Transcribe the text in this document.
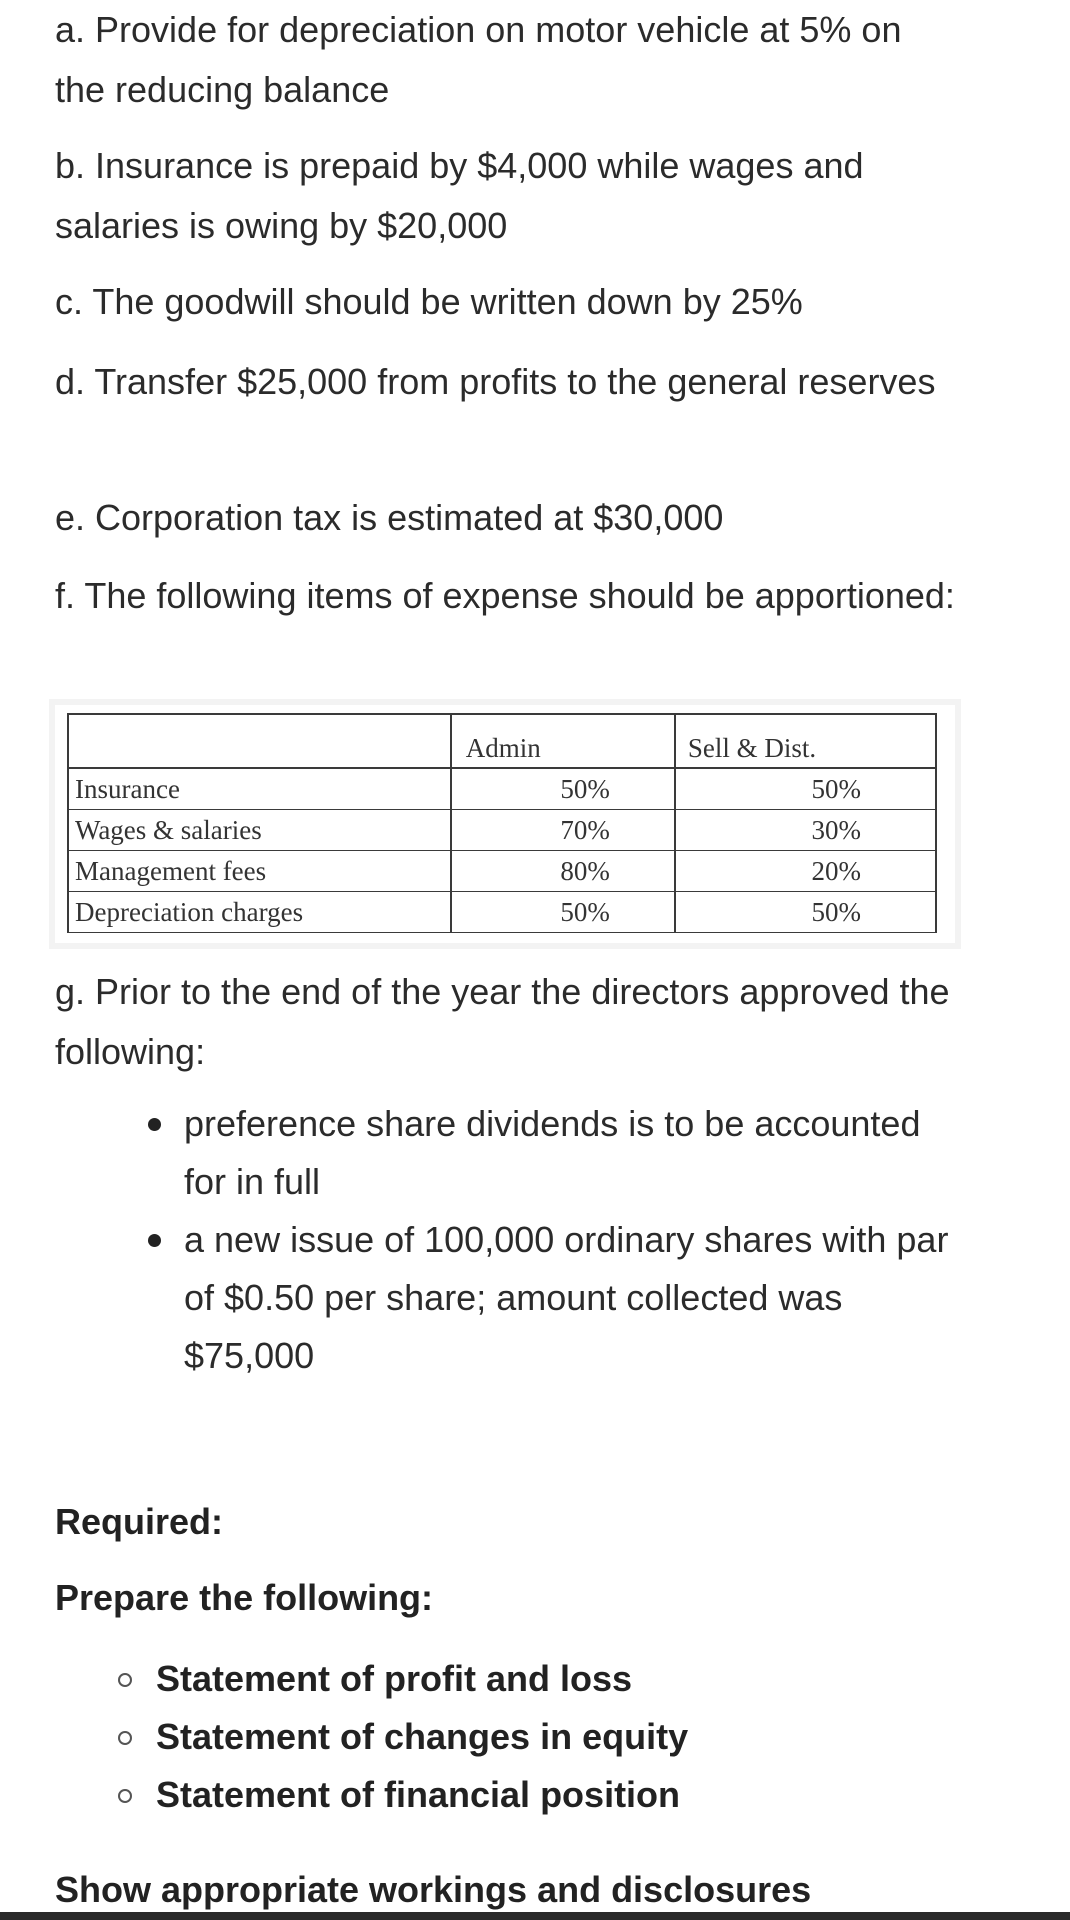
a. Provide for depreciation on motor vehicle at 5% on the reducing balance

b. Insurance is prepaid by $4,000 while wages and salaries is owing by $20,000

c. The goodwill should be written down by 25%

d. Transfer $25,000 from profits to the general reserves

e. Corporation tax is estimated at $30,000

f. The following items of expense should be apportioned:

	Admin	Sell & Dist.
Insurance	50%	50%
Wages & salaries	70%	30%
Management fees	80%	20%
Depreciation charges	50%	50%

g. Prior to the end of the year the directors approved the following:

preference share dividends is to be accounted for in full
a new issue of 100,000 ordinary shares with par of $0.50 per share; amount collected was $75,000

Required:

Prepare the following:

Statement of profit and loss
Statement of changes in equity
Statement of financial position

Show appropriate workings and disclosures
